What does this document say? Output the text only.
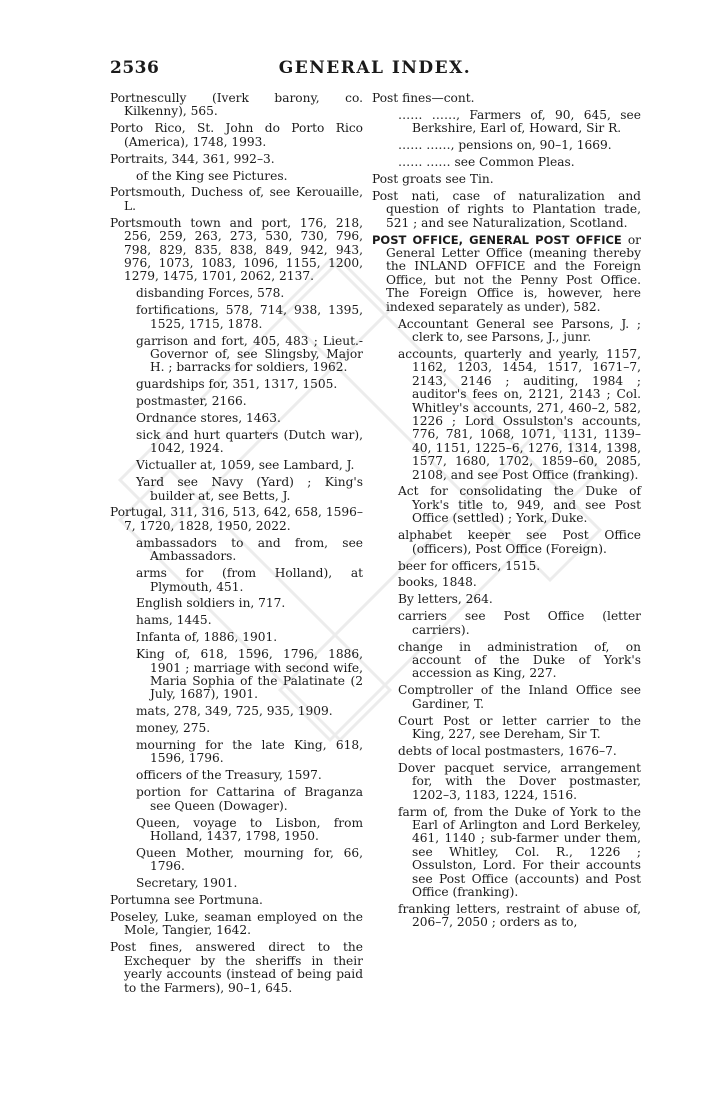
2536	GENERAL INDEX.

Portnescully (Iverk barony, co. Kilkenny), 565.

Porto Rico, St. John do Porto Rico (America), 1748, 1993.

Portraits, 344, 361, 992–3.

of the King see Pictures.

Portsmouth, Duchess of, see Kerouaille, L.

Portsmouth town and port, 176, 218, 256, 259, 263, 273, 530, 730, 796, 798, 829, 835, 838, 849, 942, 943, 976, 1073, 1083, 1096, 1155, 1200, 1279, 1475, 1701, 2062, 2137.

disbanding Forces, 578.

fortifications, 578, 714, 938, 1395, 1525, 1715, 1878.

garrison and fort, 405, 483 ; Lieut.-Governor of, see Slingsby, Major H. ; barracks for soldiers, 1962.

guardships for, 351, 1317, 1505.

postmaster, 2166.

Ordnance stores, 1463.

sick and hurt quarters (Dutch war), 1042, 1924.

Victualler at, 1059, see Lambard, J.

Yard see Navy (Yard) ; King's builder at, see Betts, J.

Portugal, 311, 316, 513, 642, 658, 1596–7, 1720, 1828, 1950, 2022.

ambassadors to and from, see Ambassadors.

arms for (from Holland), at Plymouth, 451.

English soldiers in, 717.

hams, 1445.

Infanta of, 1886, 1901.

King of, 618, 1596, 1796, 1886, 1901 ; marriage with second wife, Maria Sophia of the Palatinate (2 July, 1687), 1901.

mats, 278, 349, 725, 935, 1909.

money, 275.

mourning for the late King, 618, 1596, 1796.

officers of the Treasury, 1597.

portion for Cattarina of Braganza see Queen (Dowager).

Queen, voyage to Lisbon, from Holland, 1437, 1798, 1950.

Queen Mother, mourning for, 66, 1796.

Secretary, 1901.

Portumna see Portmuna.

Poseley, Luke, seaman employed on the Mole, Tangier, 1642.

Post fines, answered direct to the Exchequer by the sheriffs in their yearly accounts (instead of being paid to the Farmers), 90–1, 645.

Post fines—cont.

…… ……, Farmers of, 90, 645, see Berkshire, Earl of, Howard, Sir R.

…… ……, pensions on, 90–1, 1669.

…… …… see Common Pleas.

Post groats see Tin.

Post nati, case of naturalization and question of rights to Plantation trade, 521 ; and see Naturalization, Scotland.

POST OFFICE, GENERAL POST OFFICE or General Letter Office (meaning thereby the INLAND OFFICE and the Foreign Office, but not the Penny Post Office. The Foreign Office is, however, here indexed separately as under), 582.

Accountant General see Parsons, J. ; clerk to, see Parsons, J., junr.

accounts, quarterly and yearly, 1157, 1162, 1203, 1454, 1517, 1671–7, 2143, 2146 ; auditing, 1984 ; auditor's fees on, 2121, 2143 ; Col. Whitley's accounts, 271, 460–2, 582, 1226 ; Lord Ossulston's accounts, 776, 781, 1068, 1071, 1131, 1139–40, 1151, 1225–6, 1276, 1314, 1398, 1577, 1680, 1702, 1859–60, 2085, 2108, and see Post Office (franking).

Act for consolidating the Duke of York's title to, 949, and see Post Office (settled) ; York, Duke.

alphabet keeper see Post Office (officers), Post Office (Foreign).

beer for officers, 1515.

books, 1848.

By letters, 264.

carriers see Post Office (letter carriers).

change in administration of, on account of the Duke of York's accession as King, 227.

Comptroller of the Inland Office see Gardiner, T.

Court Post or letter carrier to the King, 227, see Dereham, Sir T.

debts of local postmasters, 1676–7.

Dover pacquet service, arrangement for, with the Dover postmaster, 1202–3, 1183, 1224, 1516.

farm of, from the Duke of York to the Earl of Arlington and Lord Berkeley, 461, 1140 ; sub-farmer under them, see Whitley, Col. R., 1226 ; Ossulston, Lord. For their accounts see Post Office (accounts) and Post Office (franking).

franking letters, restraint of abuse of, 206–7, 2050 ; orders as to,
